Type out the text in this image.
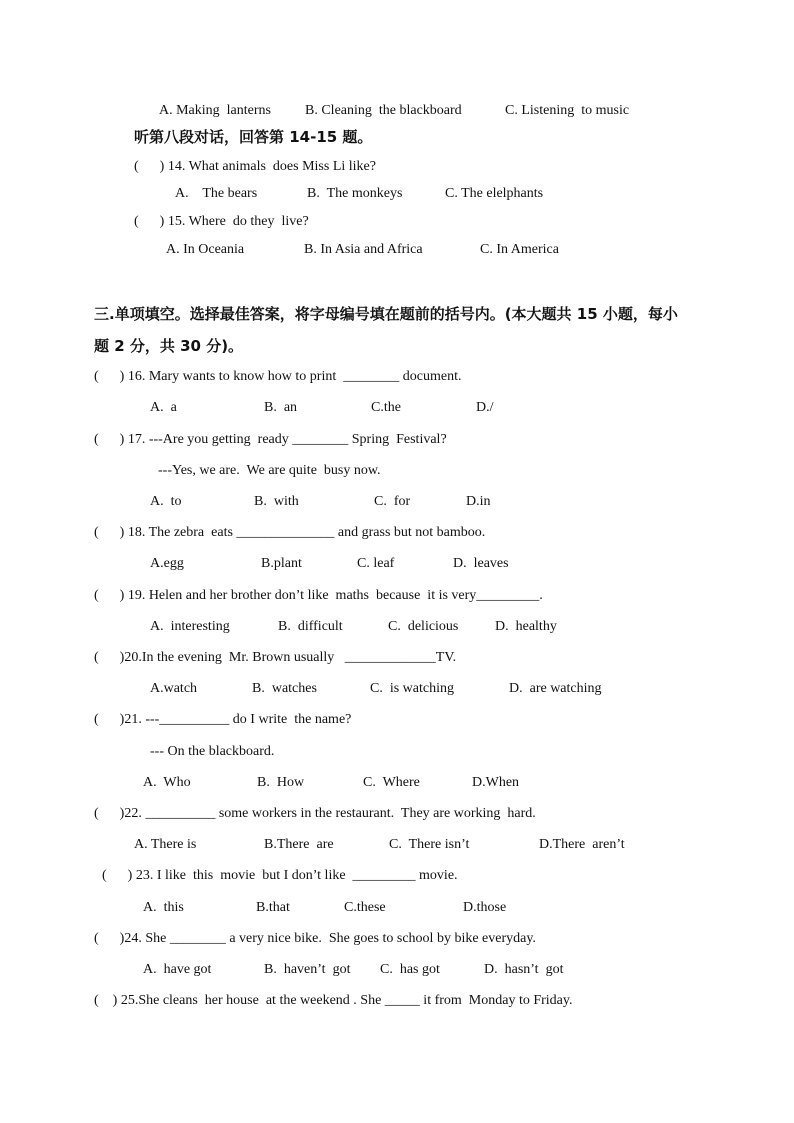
A. Making  lanterns B. Cleaning  the blackboard	C. Listening  to music
听第八段对话，回答第 14-15 题。
(      ) 14. What animals  does Miss Li like?
A.    The bears	B.  The monkeys	C. The elelphants
(      ) 15. Where  do they  live?
A. In Oceania	B. In Asia and Africa	C. In America
三.单项填空。选择最佳答案，将字母编号填在题前的括号内。(本大题共 15 小题，每小
题 2 分，共 30 分)。
(      ) 16. Mary wants to know how to print  ________ document.
A.  a	B.  an	C.the	D./
(      ) 17. ---Are you getting  ready ________ Spring  Festival?
---Yes, we are.  We are quite  busy now.
A.  to	B.  with	C.  for	D.in
(      ) 18. The zebra  eats ______________ and grass but not bamboo.
A.egg	B.plant	C. leaf	D.  leaves
(      ) 19. Helen and her brother don’t like  maths  because  it is very_________.
A.  interesting	B.  difficult	C.  delicious	D.  healthy
(      )20.In the evening  Mr. Brown usually   _____________TV.
A.watch	B.  watches	C.  is watching	D.  are watching
(      )21. ---__________ do I write  the name?
--- On the blackboard.
A.  Who	B.  How	C.  Where	D.When
(      )22. __________ some workers in the restaurant.  They are working  hard.
A. There is	B.There  are	C.  There isn’t	D.There  aren’t
(      ) 23. I like  this  movie  but I don’t like  _________ movie.
A.  this	B.that	C.these	D.those
(      )24. She ________ a very nice bike.  She goes to school by bike everyday.
A.  have got	B.  haven’t  got C.  has got	D.  hasn’t  got
(    ) 25.She cleans  her house  at the weekend . She _____ it from  Monday to Friday.
